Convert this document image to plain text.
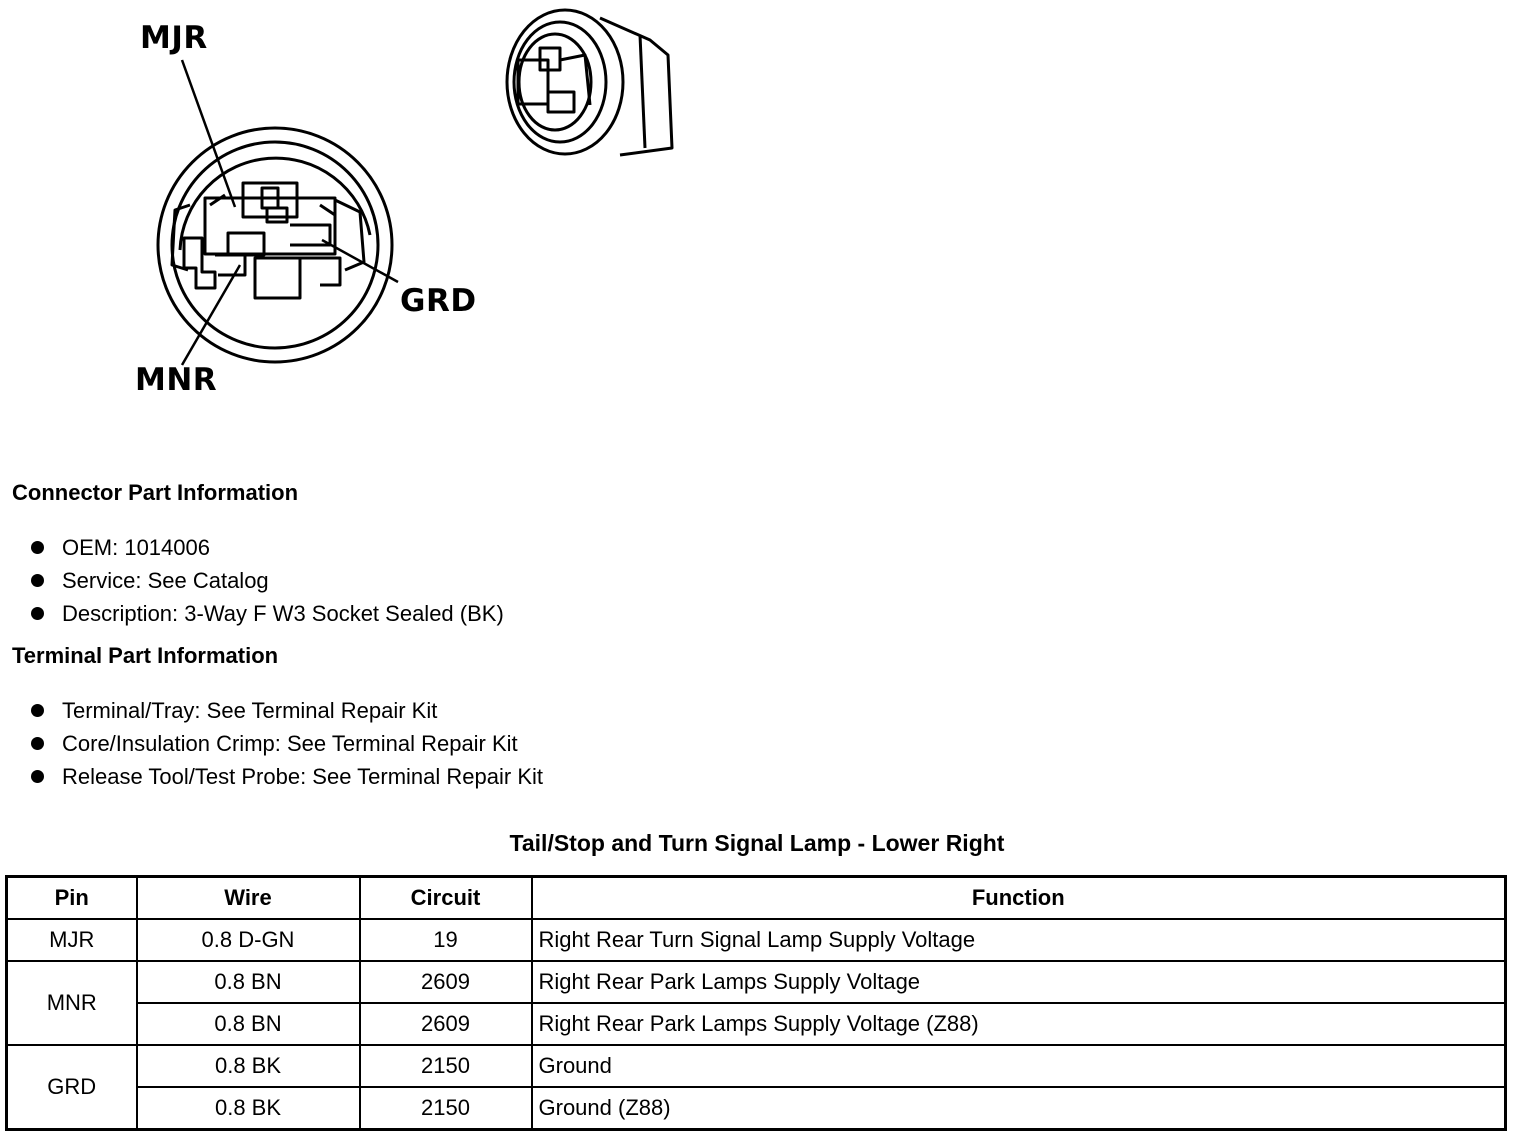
MJR
GRD
MNR
Connector Part Information
OEM: 1014006
Service: See Catalog
Description: 3-Way F W3 Socket Sealed (BK)
Terminal Part Information
Terminal/Tray: See Terminal Repair Kit
Core/Insulation Crimp: See Terminal Repair Kit
Release Tool/Test Probe: See Terminal Repair Kit
Tail/Stop and Turn Signal Lamp - Lower Right
Pin	Wire	Circuit	Function
MJR	0.8 D-GN	19	Right Rear Turn Signal Lamp Supply Voltage
MNR	0.8 BN	2609	Right Rear Park Lamps Supply Voltage
	0.8 BN	2609	Right Rear Park Lamps Supply Voltage (Z88)
GRD	0.8 BK	2150	Ground
	0.8 BK	2150	Ground (Z88)
